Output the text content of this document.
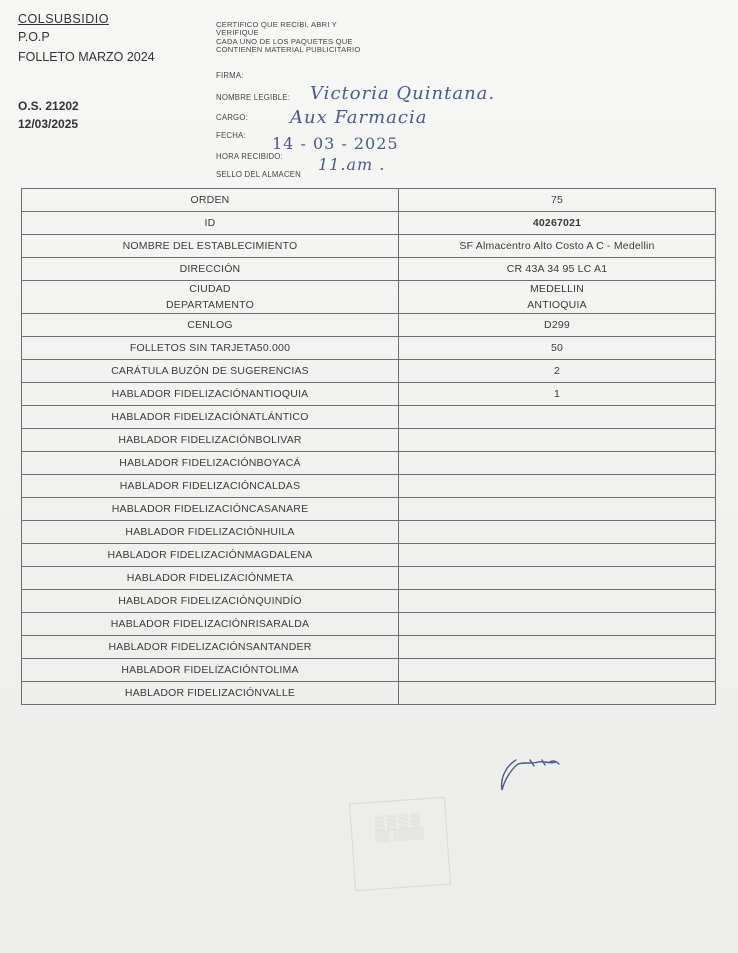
COLSUBSIDIO
P.O.P
FOLLETO MARZO 2024
O.S. 21202
12/03/2025
CERTIFICO QUE RECIBI, ABRI Y
VERIFIQUE
CADA UNO DE LOS PAQUETES QUE
CONTIENEN MATERIAL PUBLICITARIO
FIRMA:
NOMBRE LEGIBLE:
CARGO:
FECHA:
HORA RECIBIDO:
SELLO DEL ALMACEN
Victoria Quintana.
Aux Farmacia
14 - 03 - 2025
11.am .
ORDEN	75
ID	40267021
NOMBRE DEL ESTABLECIMIENTO	SF Almacentro Alto Costo A C - Medellin
DIRECCIÓN	CR 43A 34 95 LC A1
CIUDAD	MEDELLIN
DEPARTAMENTO	ANTIOQUIA
CENLOG	D299
FOLLETOS SIN TARJETA50.000	50
CARÁTULA BUZÓN DE SUGERENCIAS	2
HABLADOR FIDELIZACIÓNANTIOQUIA	1
HABLADOR FIDELIZACIÓNATLÁNTICO	
HABLADOR FIDELIZACIÓNBOLIVAR	
HABLADOR FIDELIZACIÓNBOYACÁ	
HABLADOR FIDELIZACIÓNCALDAS	
HABLADOR FIDELIZACIÓNCASANARE	
HABLADOR FIDELIZACIÓNHUILA	
HABLADOR FIDELIZACIÓNMAGDALENA	
HABLADOR FIDELIZACIÓNMETA	
HABLADOR FIDELIZACIÓNQUINDÍO	
HABLADOR FIDELIZACIÓNRISARALDA	
HABLADOR FIDELIZACIÓNSANTANDER	
HABLADOR FIDELIZACIÓNTOLIMA	
HABLADOR FIDELIZACIÓNVALLE	
▒▒▒▒
▒▒ ▒▒▒▒
